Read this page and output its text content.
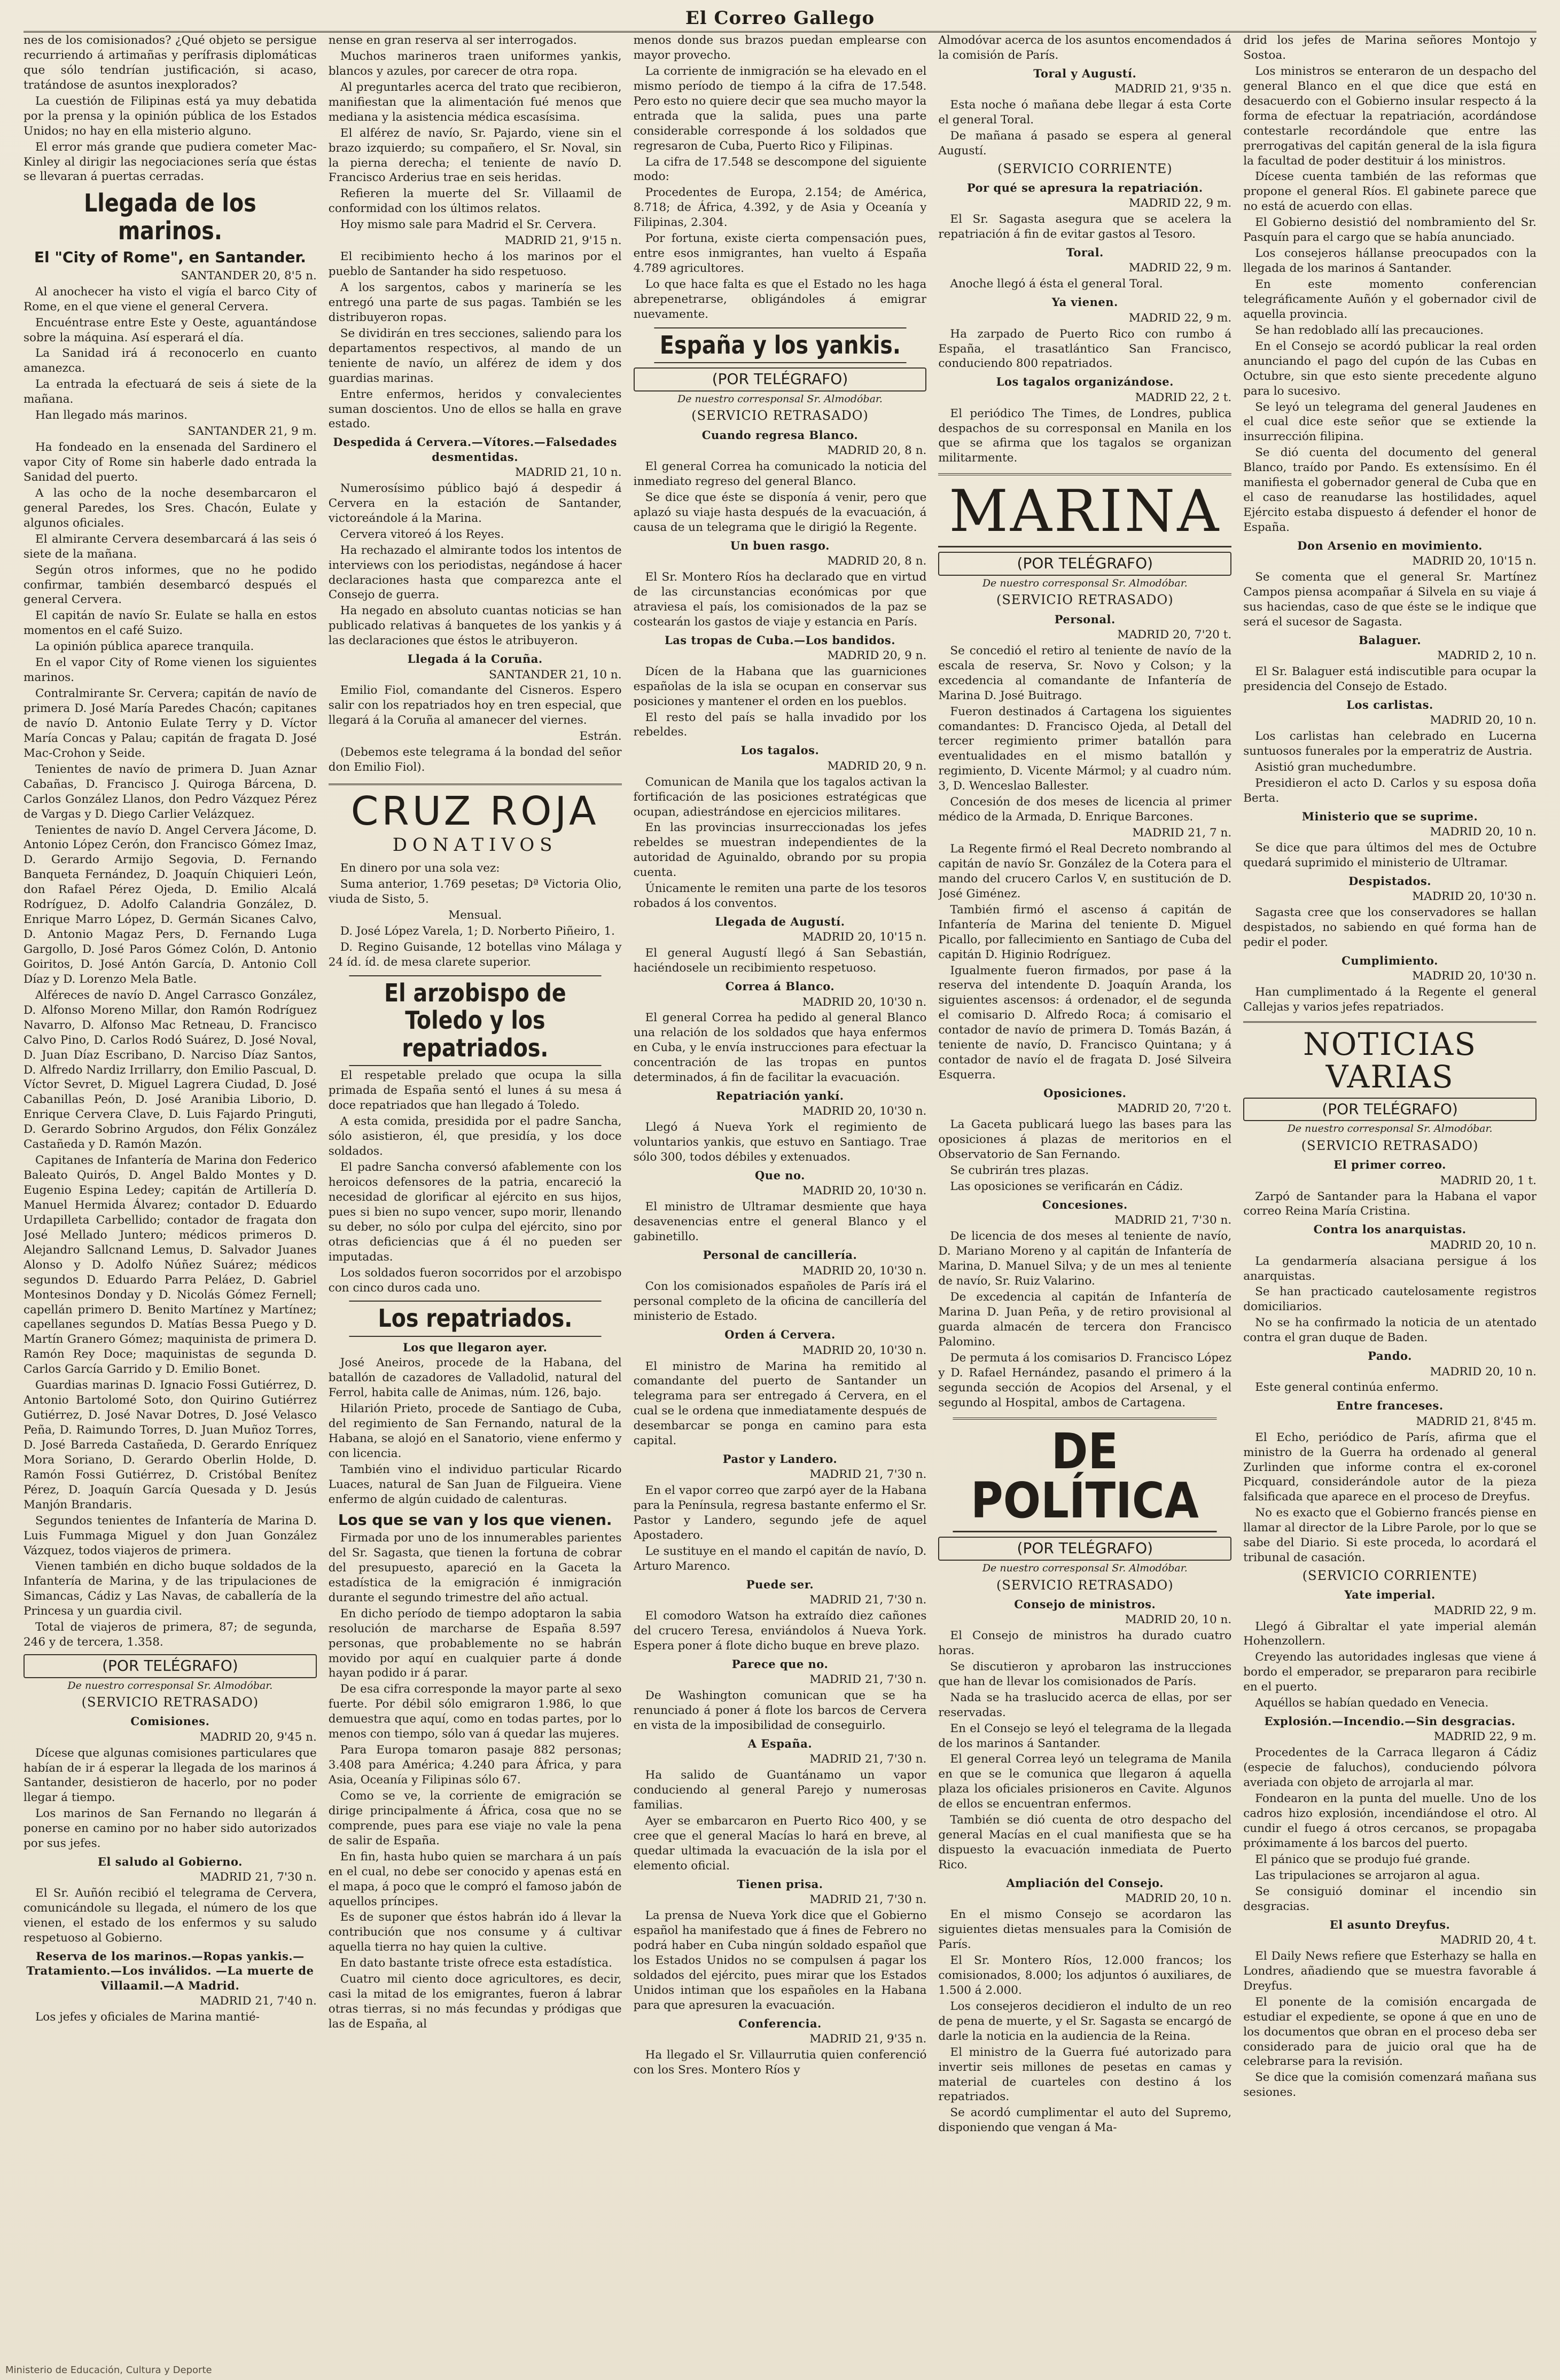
El Correo Gallego

nes de los comisionados? ¿Qué objeto se persigue recurriendo á artimañas y perífrasis diplomáticas que sólo tendrían justificación, si acaso, tratándose de asuntos inexplorados?

La cuestión de Filipinas está ya muy debatida por la prensa y la opinión pública de los Estados Unidos; no hay en ella misterio alguno.

El error más grande que pudiera cometer Mac-Kinley al dirigir las negociaciones sería que éstas se llevaran á puertas cerradas.

Llegada de los marinos.
El "City of Rome", en Santander.

SANTANDER 20, 8'5 n.

Al anochecer ha visto el vigía el barco City of Rome, en el que viene el general Cervera.

Encuéntrase entre Este y Oeste, aguantándose sobre la máquina. Así esperará el día.

La Sanidad irá á reconocerlo en cuanto amanezca.

La entrada la efectuará de seis á siete de la mañana.

Han llegado más marinos.

SANTANDER 21, 9 m.

Ha fondeado en la ensenada del Sardinero el vapor City of Rome sin haberle dado entrada la Sanidad del puerto.

A las ocho de la noche desembarcaron el general Paredes, los Sres. Chacón, Eulate y algunos oficiales.

El almirante Cervera desembarcará á las seis ó siete de la mañana.

Según otros informes, que no he podido confirmar, también desembarcó después el general Cervera.

El capitán de navío Sr. Eulate se halla en estos momentos en el café Suizo.

La opinión pública aparece tranquila.

En el vapor City of Rome vienen los siguientes marinos.

Contralmirante Sr. Cervera; capitán de navío de primera D. José María Paredes Chacón; capitanes de navío D. Antonio Eulate Terry y D. Víctor María Concas y Palau; capitán de fragata D. José Mac-Crohon y Seide.

Tenientes de navío de primera D. Juan Aznar Cabañas, D. Francisco J. Quiroga Bárcena, D. Carlos González Llanos, don Pedro Vázquez Pérez de Vargas y D. Diego Carlier Velázquez.

Tenientes de navío D. Angel Cervera Jácome, D. Antonio López Cerón, don Francisco Gómez Imaz, D. Gerardo Armijo Segovia, D. Fernando Banqueta Fernández, D. Joaquín Chiquieri León, don Rafael Pérez Ojeda, D. Emilio Alcalá Rodríguez, D. Adolfo Calandria González, D. Enrique Marro López, D. Germán Sicanes Calvo, D. Antonio Magaz Pers, D. Fernando Luga Gargollo, D. José Paros Gómez Colón, D. Antonio Goiritos, D. José Antón García, D. Antonio Coll Díaz y D. Lorenzo Mela Batle.

Alféreces de navío D. Angel Carrasco González, D. Alfonso Moreno Millar, don Ramón Rodríguez Navarro, D. Alfonso Mac Retneau, D. Francisco Calvo Pino, D. Carlos Rodó Suárez, D. José Noval, D. Juan Díaz Escribano, D. Narciso Díaz Santos, D. Alfredo Nardiz Irrillarry, don Emilio Pascual, D. Víctor Sevret, D. Miguel Lagrera Ciudad, D. José Cabanillas Peón, D. José Aranibia Liborio, D. Enrique Cervera Clave, D. Luis Fajardo Pringuti, D. Gerardo Sobrino Argudos, don Félix González Castañeda y D. Ramón Mazón.

Capitanes de Infantería de Marina don Federico Baleato Quirós, D. Angel Baldo Montes y D. Eugenio Espina Ledey; capitán de Artillería D. Manuel Hermida Álvarez; contador D. Eduardo Urdapilleta Carbellido; contador de fragata don José Mellado Juntero; médicos primeros D. Alejandro Sallcnand Lemus, D. Salvador Juanes Alonso y D. Adolfo Núñez Suárez; médicos segundos D. Eduardo Parra Peláez, D. Gabriel Montesinos Donday y D. Nicolás Gómez Fernell; capellán primero D. Benito Martínez y Martínez; capellanes segundos D. Matías Bessa Puego y D. Martín Granero Gómez; maquinista de primera D. Ramón Rey Doce; maquinistas de segunda D. Carlos García Garrido y D. Emilio Bonet.

Guardias marinas D. Ignacio Fossi Gutiérrez, D. Antonio Bartolomé Soto, don Quirino Gutiérrez Gutiérrez, D. José Navar Dotres, D. José Velasco Peña, D. Raimundo Torres, D. Juan Muñoz Torres, D. José Barreda Castañeda, D. Gerardo Enríquez Mora Soriano, D. Gerardo Oberlin Holde, D. Ramón Fossi Gutiérrez, D. Cristóbal Benítez Pérez, D. Joaquín García Quesada y D. Jesús Manjón Brandaris.

Segundos tenientes de Infantería de Marina D. Luis Fummaga Miguel y don Juan González Vázquez, todos viajeros de primera.

Vienen también en dicho buque soldados de la Infantería de Marina, y de las tripulaciones de Simancas, Cádiz y Las Navas, de caballería de la Princesa y un guardia civil.

Total de viajeros de primera, 87; de segunda, 246 y de tercera, 1.358.

(POR TELÉGRAFO)
De nuestro corresponsal Sr. Almodóbar.
(SERVICIO RETRASADO)
Comisiones.

MADRID 20, 9'45 n.

Dícese que algunas comisiones particulares que habían de ir á esperar la llegada de los marinos á Santander, desistieron de hacerlo, por no poder llegar á tiempo.

Los marinos de San Fernando no llegarán á ponerse en camino por no haber sido autorizados por sus jefes.

El saludo al Gobierno.

MADRID 21, 7'30 n.

El Sr. Auñón recibió el telegrama de Cervera, comunicándole su llegada, el número de los que vienen, el estado de los enfermos y su saludo respetuoso al Gobierno.

Reserva de los marinos.—Ropas yankis.—Tratamiento.—Los inválidos. —La muerte de Villaamil.—A Madrid.

MADRID 21, 7'40 n.

Los jefes y oficiales de Marina mantié-

nense en gran reserva al ser interrogados.

Muchos marineros traen uniformes yankis, blancos y azules, por carecer de otra ropa.

Al preguntarles acerca del trato que recibieron, manifiestan que la alimentación fué menos que mediana y la asistencia médica escasísima.

El alférez de navío, Sr. Pajardo, viene sin el brazo izquierdo; su compañero, el Sr. Noval, sin la pierna derecha; el teniente de navío D. Francisco Arderius trae en seis heridas.

Refieren la muerte del Sr. Villaamil de conformidad con los últimos relatos.

Hoy mismo sale para Madrid el Sr. Cervera.

MADRID 21, 9'15 n.

El recibimiento hecho á los marinos por el pueblo de Santander ha sido respetuoso.

A los sargentos, cabos y marinería se les entregó una parte de sus pagas. También se les distribuyeron ropas.

Se dividirán en tres secciones, saliendo para los departamentos respectivos, al mando de un teniente de navío, un alférez de idem y dos guardias marinas.

Entre enfermos, heridos y convalecientes suman doscientos. Uno de ellos se halla en grave estado.

Despedida á Cervera.—Vítores.—Falsedades desmentidas.

MADRID 21, 10 n.

Numerosísimo público bajó á despedir á Cervera en la estación de Santander, victoreándole á la Marina.

Cervera vitoreó á los Reyes.

Ha rechazado el almirante todos los intentos de interviews con los periodistas, negándose á hacer declaraciones hasta que comparezca ante el Consejo de guerra.

Ha negado en absoluto cuantas noticias se han publicado relativas á banquetes de los yankis y á las declaraciones que éstos le atribuyeron.

Llegada á la Coruña.

SANTANDER 21, 10 n.

Emilio Fiol, comandante del Cisneros. Espero salir con los repatriados hoy en tren especial, que llegará á la Coruña al amanecer del viernes.

Estrán.

(Debemos este telegrama á la bondad del señor don Emilio Fiol).

CRUZ ROJA
DONATIVOS

En dinero por una sola vez:

Suma anterior, 1.769 pesetas; Dª Victoria Olio, viuda de Sisto, 5.

Mensual.

D. José López Varela, 1; D. Norberto Piñeiro, 1.

D. Regino Guisande, 12 botellas vino Málaga y 24 íd. íd. de mesa clarete superior.

El arzobispo de Toledo y los repatriados.

El respetable prelado que ocupa la silla primada de España sentó el lunes á su mesa á doce repatriados que han llegado á Toledo.

A esta comida, presidida por el padre Sancha, sólo asistieron, él, que presidía, y los doce soldados.

El padre Sancha conversó afablemente con los heroicos defensores de la patria, encareció la necesidad de glorificar al ejército en sus hijos, pues si bien no supo vencer, supo morir, llenando su deber, no sólo por culpa del ejército, sino por otras deficiencias que á él no pueden ser imputadas.

Los soldados fueron socorridos por el arzobispo con cinco duros cada uno.

Los repatriados.
Los que llegaron ayer.

José Aneiros, procede de la Habana, del batallón de cazadores de Valladolid, natural del Ferrol, habita calle de Animas, núm. 126, bajo.

Hilarión Prieto, procede de Santiago de Cuba, del regimiento de San Fernando, natural de la Habana, se alojó en el Sanatorio, viene enfermo y con licencia.

También vino el individuo particular Ricardo Luaces, natural de San Juan de Filgueira. Viene enfermo de algún cuidado de calenturas.

Los que se van y los que vienen.

Firmada por uno de los innumerables parientes del Sr. Sagasta, que tienen la fortuna de cobrar del presupuesto, apareció en la Gaceta la estadística de la emigración é inmigración durante el segundo trimestre del año actual.

En dicho período de tiempo adoptaron la sabia resolución de marcharse de España 8.597 personas, que probablemente no se habrán movido por aquí en cualquier parte á donde hayan podido ir á parar.

De esa cifra corresponde la mayor parte al sexo fuerte. Por débil sólo emigraron 1.986, lo que demuestra que aquí, como en todas partes, por lo menos con tiempo, sólo van á quedar las mujeres.

Para Europa tomaron pasaje 882 personas; 3.408 para América; 4.240 para África, y para Asia, Oceanía y Filipinas sólo 67.

Como se ve, la corriente de emigración se dirige principalmente á África, cosa que no se comprende, pues para ese viaje no vale la pena de salir de España.

En fin, hasta hubo quien se marchara á un país en el cual, no debe ser conocido y apenas está en el mapa, á poco que le compró el famoso jabón de aquellos príncipes.

Es de suponer que éstos habrán ido á llevar la contribución que nos consume y á cultivar aquella tierra no hay quien la cultive.

En dato bastante triste ofrece esta estadística.

Cuatro mil ciento doce agricultores, es decir, casi la mitad de los emigrantes, fueron á labrar otras tierras, si no más fecundas y pródigas que las de España, al

menos donde sus brazos puedan emplearse con mayor provecho.

La corriente de inmigración se ha elevado en el mismo período de tiempo á la cifra de 17.548. Pero esto no quiere decir que sea mucho mayor la entrada que la salida, pues una parte considerable corresponde á los soldados que regresaron de Cuba, Puerto Rico y Filipinas.

La cifra de 17.548 se descompone del siguiente modo:

Procedentes de Europa, 2.154; de América, 8.718; de África, 4.392, y de Asia y Oceanía y Filipinas, 2.304.

Por fortuna, existe cierta compensación pues, entre esos inmigrantes, han vuelto á España 4.789 agricultores.

Lo que hace falta es que el Estado no les haga abrepenetrarse, obligándoles á emigrar nuevamente.

España y los yankis.
(POR TELÉGRAFO)
De nuestro corresponsal Sr. Almodóbar.
(SERVICIO RETRASADO)
Cuando regresa Blanco.

MADRID 20, 8 n.

El general Correa ha comunicado la noticia del inmediato regreso del general Blanco.

Se dice que éste se disponía á venir, pero que aplazó su viaje hasta después de la evacuación, á causa de un telegrama que le dirigió la Regente.

Un buen rasgo.

MADRID 20, 8 n.

El Sr. Montero Ríos ha declarado que en virtud de las circunstancias económicas por que atraviesa el país, los comisionados de la paz se costearán los gastos de viaje y estancia en París.

Las tropas de Cuba.—Los bandidos.

MADRID 20, 9 n.

Dícen de la Habana que las guarniciones españolas de la isla se ocupan en conservar sus posiciones y mantener el orden en los pueblos.

El resto del país se halla invadido por los rebeldes.

Los tagalos.

MADRID 20, 9 n.

Comunican de Manila que los tagalos activan la fortificación de las posiciones estratégicas que ocupan, adiestrándose en ejercicios militares.

En las provincias insurreccionadas los jefes rebeldes se muestran independientes de la autoridad de Aguinaldo, obrando por su propia cuenta.

Únicamente le remiten una parte de los tesoros robados á los conventos.

Llegada de Augustí.

MADRID 20, 10'15 n.

El general Augustí llegó á San Sebastián, haciéndosele un recibimiento respetuoso.

Correa á Blanco.

MADRID 20, 10'30 n.

El general Correa ha pedido al general Blanco una relación de los soldados que haya enfermos en Cuba, y le envía instrucciones para efectuar la concentración de las tropas en puntos determinados, á fin de facilitar la evacuación.

Repatriación yankí.

MADRID 20, 10'30 n.

Llegó á Nueva York el regimiento de voluntarios yankis, que estuvo en Santiago. Trae sólo 300, todos débiles y extenuados.

Que no.

MADRID 20, 10'30 n.

El ministro de Ultramar desmiente que haya desavenencias entre el general Blanco y el gabinetillo.

Personal de cancillería.

MADRID 20, 10'30 n.

Con los comisionados españoles de París irá el personal completo de la oficina de cancillería del ministerio de Estado.

Orden á Cervera.

MADRID 20, 10'30 n.

El ministro de Marina ha remitido al comandante del puerto de Santander un telegrama para ser entregado á Cervera, en el cual se le ordena que inmediatamente después de desembarcar se ponga en camino para esta capital.

Pastor y Landero.

MADRID 21, 7'30 n.

En el vapor correo que zarpó ayer de la Habana para la Península, regresa bastante enfermo el Sr. Pastor y Landero, segundo jefe de aquel Apostadero.

Le sustituye en el mando el capitán de navío, D. Arturo Marenco.

Puede ser.

MADRID 21, 7'30 n.

El comodoro Watson ha extraído diez cañones del crucero Teresa, enviándolos á Nueva York. Espera poner á flote dicho buque en breve plazo.

Parece que no.

MADRID 21, 7'30 n.

De Washington comunican que se ha renunciado á poner á flote los barcos de Cervera en vista de la imposibilidad de conseguirlo.

A España.

MADRID 21, 7'30 n.

Ha salido de Guantánamo un vapor conduciendo al general Parejo y numerosas familias.

Ayer se embarcaron en Puerto Rico 400, y se cree que el general Macías lo hará en breve, al quedar ultimada la evacuación de la isla por el elemento oficial.

Tienen prisa.

MADRID 21, 7'30 n.

La prensa de Nueva York dice que el Gobierno español ha manifestado que á fines de Febrero no podrá haber en Cuba ningún soldado español que los Estados Unidos no se compulsen á pagar los soldados del ejército, pues mirar que los Estados Unidos intiman que los españoles en la Habana para que apresuren la evacuación.

Conferencia.

MADRID 21, 9'35 n.

Ha llegado el Sr. Villaurrutia quien conferenció con los Sres. Montero Ríos y

Almodóvar acerca de los asuntos encomendados á la comisión de París.

Toral y Augustí.

MADRID 21, 9'35 n.

Esta noche ó mañana debe llegar á esta Corte el general Toral.

De mañana á pasado se espera al general Augustí.

(SERVICIO CORRIENTE)
Por qué se apresura la repatriación.

MADRID 22, 9 m.

El Sr. Sagasta asegura que se acelera la repatriación á fin de evitar gastos al Tesoro.

Toral.

MADRID 22, 9 m.

Anoche llegó á ésta el general Toral.

Ya vienen.

MADRID 22, 9 m.

Ha zarpado de Puerto Rico con rumbo á España, el trasatlántico San Francisco, conduciendo 800 repatriados.

Los tagalos organizándose.

MADRID 22, 2 t.

El periódico The Times, de Londres, publica despachos de su corresponsal en Manila en los que se afirma que los tagalos se organizan militarmente.

MARINA
(POR TELÉGRAFO)
De nuestro corresponsal Sr. Almodóbar.
(SERVICIO RETRASADO)
Personal.

MADRID 20, 7'20 t.

Se concedió el retiro al teniente de navío de la escala de reserva, Sr. Novo y Colson; y la excedencia al comandante de Infantería de Marina D. José Buitrago.

Fueron destinados á Cartagena los siguientes comandantes: D. Francisco Ojeda, al Detall del tercer regimiento primer batallón para eventualidades en el mismo batallón y regimiento, D. Vicente Mármol; y al cuadro núm. 3, D. Wenceslao Ballester.

Concesión de dos meses de licencia al primer médico de la Armada, D. Enrique Barcones.

MADRID 21, 7 n.

La Regente firmó el Real Decreto nombrando al capitán de navío Sr. González de la Cotera para el mando del crucero Carlos V, en sustitución de D. José Giménez.

También firmó el ascenso á capitán de Infantería de Marina del teniente D. Miguel Picallo, por fallecimiento en Santiago de Cuba del capitán D. Higinio Rodríguez.

Igualmente fueron firmados, por pase á la reserva del intendente D. Joaquín Aranda, los siguientes ascensos: á ordenador, el de segunda el comisario D. Alfredo Roca; á comisario el contador de navío de primera D. Tomás Bazán, á teniente de navío, D. Francisco Quintana; y á contador de navío el de fragata D. José Silveira Esquerra.

Oposiciones.

MADRID 20, 7'20 t.

La Gaceta publicará luego las bases para las oposiciones á plazas de meritorios en el Observatorio de San Fernando.

Se cubrirán tres plazas.

Las oposiciones se verificarán en Cádiz.

Concesiones.

MADRID 21, 7'30 n.

De licencia de dos meses al teniente de navío, D. Mariano Moreno y al capitán de Infantería de Marina, D. Manuel Silva; y de un mes al teniente de navío, Sr. Ruiz Valarino.

De excedencia al capitán de Infantería de Marina D. Juan Peña, y de retiro provisional al guarda almacén de tercera don Francisco Palomino.

De permuta á los comisarios D. Francisco López y D. Rafael Hernández, pasando el primero á la segunda sección de Acopios del Arsenal, y el segundo al Hospital, ambos de Cartagena.

DE POLÍTICA
(POR TELÉGRAFO)
De nuestro corresponsal Sr. Almodóbar.
(SERVICIO RETRASADO)
Consejo de ministros.

MADRID 20, 10 n.

El Consejo de ministros ha durado cuatro horas.

Se discutieron y aprobaron las instrucciones que han de llevar los comisionados de París.

Nada se ha traslucido acerca de ellas, por ser reservadas.

En el Consejo se leyó el telegrama de la llegada de los marinos á Santander.

El general Correa leyó un telegrama de Manila en que se le comunica que llegaron á aquella plaza los oficiales prisioneros en Cavite. Algunos de ellos se encuentran enfermos.

También se dió cuenta de otro despacho del general Macías en el cual manifiesta que se ha dispuesto la evacuación inmediata de Puerto Rico.

Ampliación del Consejo.

MADRID 20, 10 n.

En el mismo Consejo se acordaron las siguientes dietas mensuales para la Comisión de París.

El Sr. Montero Ríos, 12.000 francos; los comisionados, 8.000; los adjuntos ó auxiliares, de 1.500 á 2.000.

Los consejeros decidieron el indulto de un reo de pena de muerte, y el Sr. Sagasta se encargó de darle la noticia en la audiencia de la Reina.

El ministro de la Guerra fué autorizado para invertir seis millones de pesetas en camas y material de cuarteles con destino á los repatriados.

Se acordó cumplimentar el auto del Supremo, disponiendo que vengan á Ma-

drid los jefes de Marina señores Montojo y Sostoa.

Los ministros se enteraron de un despacho del general Blanco en el que dice que está en desacuerdo con el Gobierno insular respecto á la forma de efectuar la repatriación, acordándose contestarle recordándole que entre las prerrogativas del capitán general de la isla figura la facultad de poder destituir á los ministros.

Dícese cuenta también de las reformas que propone el general Ríos. El gabinete parece que no está de acuerdo con ellas.

El Gobierno desistió del nombramiento del Sr. Pasquín para el cargo que se había anunciado.

Los consejeros hállanse preocupados con la llegada de los marinos á Santander.

En este momento conferencian telegráficamente Auñón y el gobernador civil de aquella provincia.

Se han redoblado allí las precauciones.

En el Consejo se acordó publicar la real orden anunciando el pago del cupón de las Cubas en Octubre, sin que esto siente precedente alguno para lo sucesivo.

Se leyó un telegrama del general Jaudenes en el cual dice este señor que se extiende la insurrección filipina.

Se dió cuenta del documento del general Blanco, traído por Pando. Es extensísimo. En él manifiesta el gobernador general de Cuba que en el caso de reanudarse las hostilidades, aquel Ejército estaba dispuesto á defender el honor de España.

Don Arsenio en movimiento.

MADRID 20, 10'15 n.

Se comenta que el general Sr. Martínez Campos piensa acompañar á Silvela en su viaje á sus haciendas, caso de que éste se le indique que será el sucesor de Sagasta.

Balaguer.

MADRID 2, 10 n.

El Sr. Balaguer está indiscutible para ocupar la presidencia del Consejo de Estado.

Los carlistas.

MADRID 20, 10 n.

Los carlistas han celebrado en Lucerna suntuosos funerales por la emperatriz de Austria.

Asistió gran muchedumbre.

Presidieron el acto D. Carlos y su esposa doña Berta.

Ministerio que se suprime.

MADRID 20, 10 n.

Se dice que para últimos del mes de Octubre quedará suprimido el ministerio de Ultramar.

Despistados.

MADRID 20, 10'30 n.

Sagasta cree que los conservadores se hallan despistados, no sabiendo en qué forma han de pedir el poder.

Cumplimiento.

MADRID 20, 10'30 n.

Han cumplimentado á la Regente el general Callejas y varios jefes repatriados.

NOTICIAS VARIAS
(POR TELÉGRAFO)
De nuestro corresponsal Sr. Almodóbar.
(SERVICIO RETRASADO)
El primer correo.

MADRID 20, 1 t.

Zarpó de Santander para la Habana el vapor correo Reina María Cristina.

Contra los anarquistas.

MADRID 20, 10 n.

La gendarmería alsaciana persigue á los anarquistas.

Se han practicado cautelosamente registros domiciliarios.

No se ha confirmado la noticia de un atentado contra el gran duque de Baden.

Pando.

MADRID 20, 10 n.

Este general continúa enfermo.

Entre franceses.

MADRID 21, 8'45 m.

El Echo, periódico de París, afirma que el ministro de la Guerra ha ordenado al general Zurlinden que informe contra el ex-coronel Picquard, considerándole autor de la pieza falsificada que aparece en el proceso de Dreyfus.

No es exacto que el Gobierno francés piense en llamar al director de la Libre Parole, por lo que se sabe del Diario. Si este proceda, lo acordará el tribunal de casación.

(SERVICIO CORRIENTE)
Yate imperial.

MADRID 22, 9 m.

Llegó á Gibraltar el yate imperial alemán Hohenzollern.

Creyendo las autoridades inglesas que viene á bordo el emperador, se prepararon para recibirle en el puerto.

Aquéllos se habían quedado en Venecia.

Explosión.—Incendio.—Sin desgracias.

MADRID 22, 9 m.

Procedentes de la Carraca llegaron á Cádiz (especie de faluchos), conduciendo pólvora averiada con objeto de arrojarla al mar.

Fondearon en la punta del muelle. Uno de los cadros hizo explosión, incendiándose el otro. Al cundir el fuego á otros cercanos, se propagaba próximamente á los barcos del puerto.

El pánico que se produjo fué grande.

Las tripulaciones se arrojaron al agua.

Se consiguió dominar el incendio sin desgracias.

El asunto Dreyfus.

MADRID 20, 4 t.

El Daily News refiere que Esterhazy se halla en Londres, añadiendo que se muestra favorable á Dreyfus.

El ponente de la comisión encargada de estudiar el expediente, se opone á que en uno de los documentos que obran en el proceso deba ser considerado para de juicio oral que ha de celebrarse para la revisión.

Se dice que la comisión comenzará mañana sus sesiones.

Ministerio de Educación, Cultura y Deporte
